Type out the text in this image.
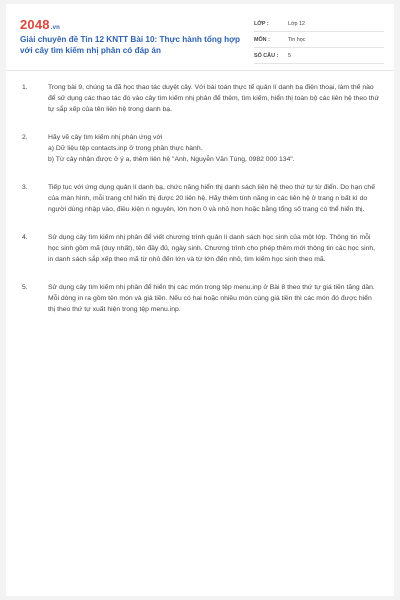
2048.vn
Giải chuyên đề Tin 12 KNTT Bài 10: Thực hành tổng hợp với cây tìm kiếm nhị phân có đáp án
LỚP :	Lớp 12
MÔN :	Tin học
SỐ CÂU :	5
1.	Trong bài 9, chúng ta đã học thao tác duyệt cây. Với bài toán thực tế quản lí danh bạ điện thoại, làm thế nào để sử dụng các thao tác đó vào cây tìm kiếm nhị phân để thêm, tìm kiếm, hiển thị toàn bộ các liên hệ theo thứ tự sắp xếp của tên liên hệ trong danh bạ.
2.	Hãy vẽ cây tìm kiếm nhị phân ứng với
a) Dữ liệu tệp contacts.inp ở trong phần thực hành.
b) Từ cây nhận được ở ý a, thêm liên hệ "Anh, Nguyễn Văn Tùng, 0982 000 134".
3.	Tiếp tục với ứng dụng quản lí danh bạ, chức năng hiển thị danh sách liên hệ theo thứ tự từ điển. Do hạn chế của màn hình, mỗi trang chỉ hiển thị được 20 liên hệ. Hãy thêm tính năng in các liên hệ ở trang n bất kì do người dùng nhập vào, điều kiện n nguyên, lớn hơn 0 và nhỏ hơn hoặc bằng tổng số trang có thể hiển thị.
4.	Sử dụng cây tìm kiếm nhị phân để viết chương trình quản lí danh sách học sinh của một lớp. Thông tin mỗi học sinh gồm mã (duy nhất), tên đầy đủ, ngày sinh. Chương trình cho phép thêm mới thông tin các học sinh, in danh sách sắp xếp theo mã từ nhỏ đến lớn và từ lớn đến nhỏ, tìm kiếm học sinh theo mã.
5.	Sử dụng cây tìm kiếm nhị phân để hiển thị các món trong tệp menu.inp ở Bài 8 theo thứ tự giá tiền tăng dần. Mỗi dòng in ra gồm tên món và giá tiền. Nếu có hai hoặc nhiều món cùng giá tiền thì các món đó được hiển thị theo thứ tự xuất hiện trong tệp menu.inp.
